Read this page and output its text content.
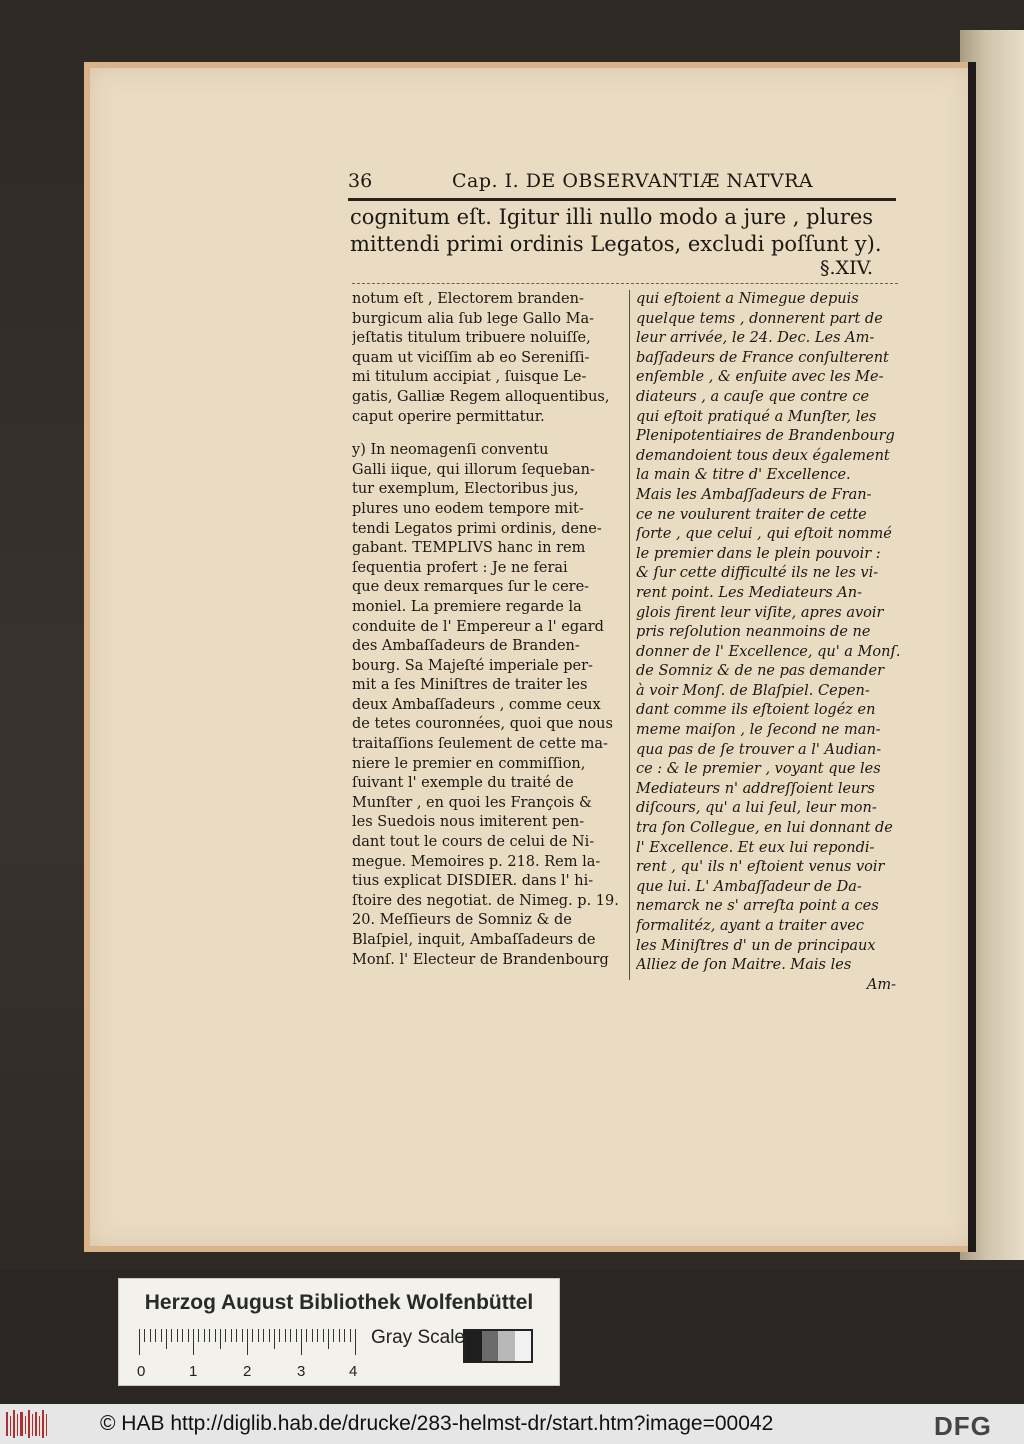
36	Cap. I. DE OBSERVANTIÆ NATVRA
cognitum eſt. Igitur illi nullo modo a jure , plures
mittendi primi ordinis Legatos, excludi poſſunt y).
§.XIV.
notum eſt , Electorem branden-
burgicum alia ſub lege Gallo Ma-
jeſtatis titulum tribuere noluiſſe,
quam ut viciſſim ab eo Sereniſſi-
mi titulum accipiat , ſuisque Le-
gatis, Galliæ Regem alloquentibus,
caput operire permittatur.
y) In neomagenſi conventu
Galli iique, qui illorum ſequeban-
tur exemplum, Electoribus jus,
plures uno eodem tempore mit-
tendi Legatos primi ordinis, dene-
gabant. TEMPLIVS hanc in rem
ſequentia profert : Je ne ferai
que deux remarques ſur le cere-
moniel. La premiere regarde la
conduite de l' Empereur a l' egard
des Ambaſſadeurs de Branden-
bourg. Sa Majeſté imperiale per-
mit a ſes Miniſtres de traiter les
deux Ambaſſadeurs , comme ceux
de tetes couronnées, quoi que nous
traitaſſions ſeulement de cette ma-
niere le premier en commiſſion,
ſuivant l' exemple du traité de
Munſter , en quoi les François &
les Suedois nous imiterent pen-
dant tout le cours de celui de Ni-
megue. Memoires p. 218. Rem la-
tius explicat DISDIER. dans l' hi-
ſtoire des negotiat. de Nimeg. p. 19.
20. Meſſieurs de Somniz & de
Blaſpiel, inquit, Ambaſſadeurs de
Monſ. l' Electeur de Brandenbourg
qui eſtoient a Nimegue depuis
quelque tems , donnerent part de
leur arrivée, le 24. Dec. Les Am-
baſſadeurs de France conſulterent
enſemble , & enſuite avec les Me-
diateurs , a cauſe que contre ce
qui eſtoit pratiqué a Munſter, les
Plenipotentiaires de Brandenbourg
demandoient tous deux également
la main & titre d' Excellence.
Mais les Ambaſſadeurs de Fran-
ce ne voulurent traiter de cette
ſorte , que celui , qui eſtoit nommé
le premier dans le plein pouvoir :
& ſur cette difficulté ils ne les vi-
rent point. Les Mediateurs An-
glois firent leur viſite, apres avoir
pris reſolution neanmoins de ne
donner de l' Excellence, qu' a Monſ.
de Somniz & de ne pas demander
à voir Monſ. de Blaſpiel. Cepen-
dant comme ils eſtoient logéz en
meme maiſon , le ſecond ne man-
qua pas de ſe trouver a l' Audian-
ce : & le premier , voyant que les
Mediateurs n' addreſſoient leurs
diſcours, qu' a lui ſeul, leur mon-
tra ſon Collegue, en lui donnant de
l' Excellence. Et eux lui repondi-
rent , qu' ils n' eſtoient venus voir
que lui. L' Ambaſſadeur de Da-
nemarck ne s' arreſta point a ces
formalitéz, ayant a traiter avec
les Miniſtres d' un de principaux
Alliez de ſon Maitre. Mais les
Am-
Herzog August Bibliothek Wolfenbüttel
0	1	2	3	4
Gray Scale
© HAB http://diglib.hab.de/drucke/283-helmst-dr/start.htm?image=00042	DFG
